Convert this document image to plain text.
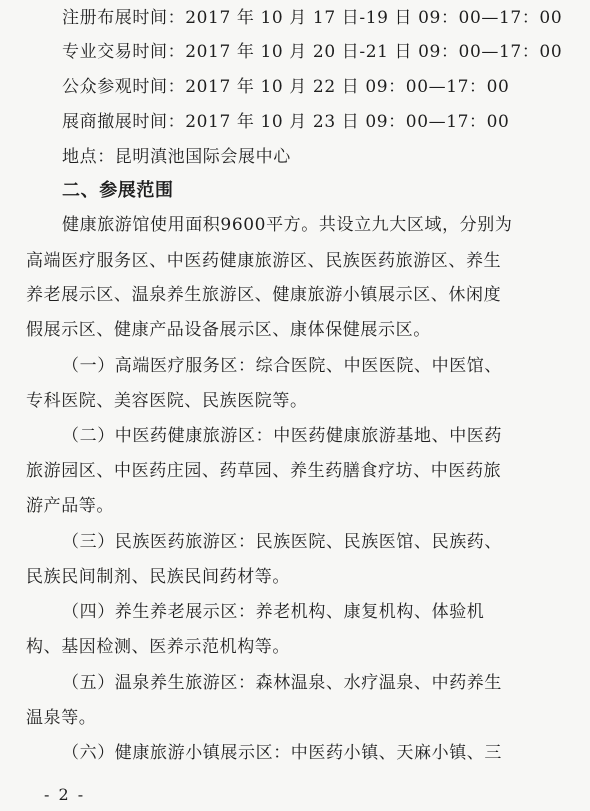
注册布展时间：2017 年 10 月 17 日-19 日 09：00—17：00
专业交易时间：2017 年 10 月 20 日-21 日 09：00—17：00
公众参观时间：2017 年 10 月 22 日 09：00—17：00
展商撤展时间：2017 年 10 月 23 日 09：00—17：00
地点：昆明滇池国际会展中心
二、参展范围
健康旅游馆使用面积9600平方。共设立九大区域，分别为
高端医疗服务区、中医药健康旅游区、民族医药旅游区、养生
养老展示区、温泉养生旅游区、健康旅游小镇展示区、休闲度
假展示区、健康产品设备展示区、康体保健展示区。
（一）高端医疗服务区：综合医院、中医医院、中医馆、
专科医院、美容医院、民族医院等。
（二）中医药健康旅游区：中医药健康旅游基地、中医药
旅游园区、中医药庄园、药草园、养生药膳食疗坊、中医药旅
游产品等。
（三）民族医药旅游区：民族医院、民族医馆、民族药、
民族民间制剂、民族民间药材等。
（四）养生养老展示区：养老机构、康复机构、体验机
构、基因检测、医养示范机构等。
（五）温泉养生旅游区：森林温泉、水疗温泉、中药养生
温泉等。
（六）健康旅游小镇展示区：中医药小镇、天麻小镇、三
- 2 -
